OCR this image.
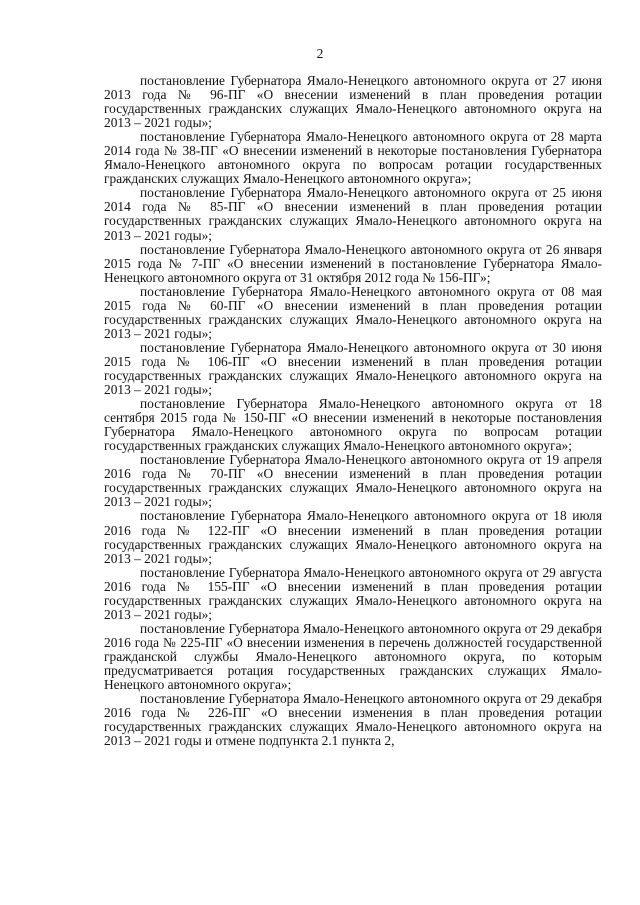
2

постановление Губернатора Ямало-Ненецкого автономного округа от 27 июня 2013 года № 96-ПГ «О внесении изменений в план проведения ротации государственных гражданских служащих Ямало-Ненецкого автономного округа на 2013 – 2021 годы»;

постановление Губернатора Ямало-Ненецкого автономного округа от 28 марта 2014 года № 38-ПГ «О внесении изменений в некоторые постановления Губернатора Ямало-Ненецкого автономного округа по вопросам ротации государственных гражданских служащих Ямало-Ненецкого автономного округа»;

постановление Губернатора Ямало-Ненецкого автономного округа от 25 июня 2014 года № 85-ПГ «О внесении изменений в план проведения ротации государственных гражданских служащих Ямало-Ненецкого автономного округа на 2013 – 2021 годы»;

постановление Губернатора Ямало-Ненецкого автономного округа от 26 января 2015 года № 7-ПГ «О внесении изменений в постановление Губернатора Ямало-Ненецкого автономного округа от 31 октября 2012 года № 156-ПГ»;

постановление Губернатора Ямало-Ненецкого автономного округа от 08 мая 2015 года № 60-ПГ «О внесении изменений в план проведения ротации государственных гражданских служащих Ямало-Ненецкого автономного округа на 2013 – 2021 годы»;

постановление Губернатора Ямало-Ненецкого автономного округа от 30 июня 2015 года № 106-ПГ «О внесении изменений в план проведения ротации государственных гражданских служащих Ямало-Ненецкого автономного округа на 2013 – 2021 годы»;

постановление Губернатора Ямало-Ненецкого автономного округа от 18 сентября 2015 года № 150-ПГ «О внесении изменений в некоторые постановления Губернатора Ямало-Ненецкого автономного округа по вопросам ротации государственных гражданских служащих Ямало-Ненецкого автономного округа»;

постановление Губернатора Ямало-Ненецкого автономного округа от 19 апреля 2016 года № 70-ПГ «О внесении изменений в план проведения ротации государственных гражданских служащих Ямало-Ненецкого автономного округа на 2013 – 2021 годы»;

постановление Губернатора Ямало-Ненецкого автономного округа от 18 июля 2016 года № 122-ПГ «О внесении изменений в план проведения ротации государственных гражданских служащих Ямало-Ненецкого автономного округа на 2013 – 2021 годы»;

постановление Губернатора Ямало-Ненецкого автономного округа от 29 августа 2016 года № 155-ПГ «О внесении изменений в план проведения ротации государственных гражданских служащих Ямало-Ненецкого автономного округа на 2013 – 2021 годы»;

постановление Губернатора Ямало-Ненецкого автономного округа от 29 декабря 2016 года № 225-ПГ «О внесении изменения в перечень должностей государственной гражданской службы Ямало-Ненецкого автономного округа, по которым предусматривается ротация государственных гражданских служащих Ямало-Ненецкого автономного округа»;

постановление Губернатора Ямало-Ненецкого автономного округа от 29 декабря 2016 года № 226-ПГ «О внесении изменения в план проведения ротации государственных гражданских служащих Ямало-Ненецкого автономного округа на 2013 – 2021 годы и отмене подпункта 2.1 пункта 2,
